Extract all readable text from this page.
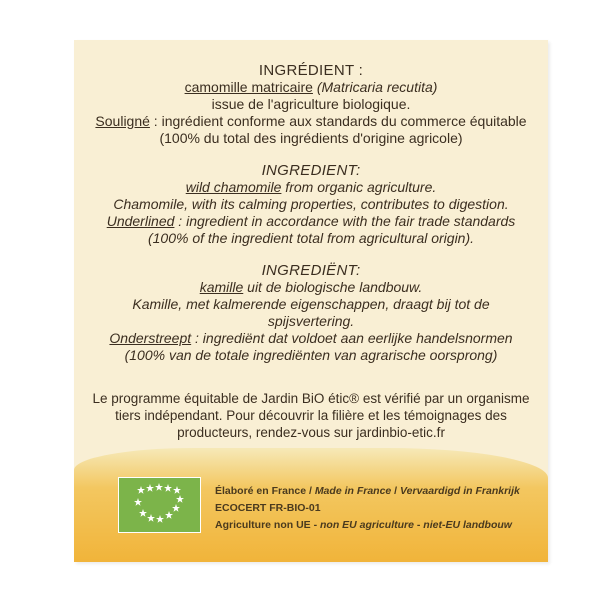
INGRÉDIENT :
camomille matricaire (Matricaria recutita)
issue de l'agriculture biologique.
Souligné : ingrédient conforme aux standards du commerce équitable
(100% du total des ingrédients d'origine agricole)
INGREDIENT:
wild chamomile from organic agriculture.
Chamomile, with its calming properties, contributes to digestion.
Underlined : ingredient in accordance with the fair trade standards
(100% of the ingredient total from agricultural origin).
INGREDIËNT:
kamille uit de biologische landbouw.
Kamille, met kalmerende eigenschappen, draagt bij tot de
spijsvertering.
Onderstreept : ingrediënt dat voldoet aan eerlijke handelsnormen
(100% van de totale ingrediënten van agrarische oorsprong)
Le programme équitable de Jardin BiO étic® est vérifié par un organisme
tiers indépendant. Pour découvrir la filière et les témoignages des
producteurs, rendez-vous sur jardinbio-etic.fr
Élaboré en France / Made in France / Vervaardigd in Frankrijk
ECOCERT FR-BIO-01
Agriculture non UE - non EU agriculture - niet-EU landbouw
